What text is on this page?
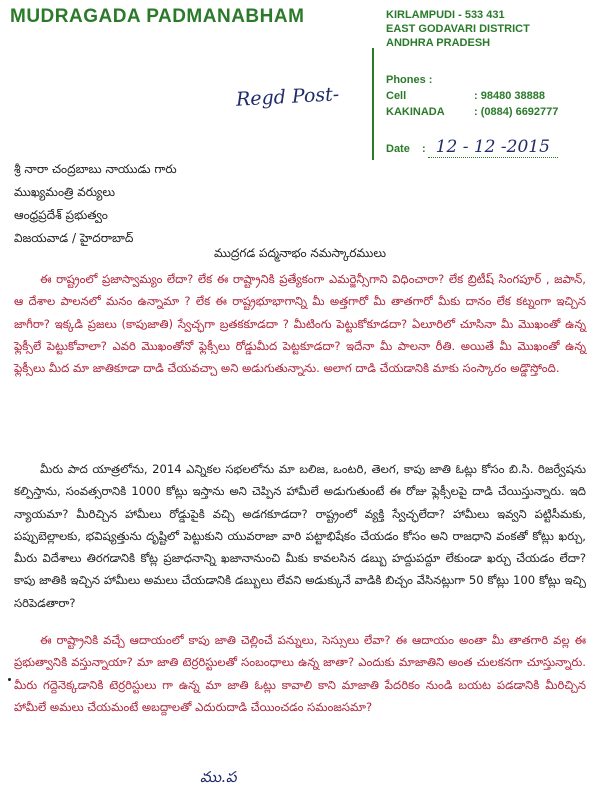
MUDRAGADA PADMANABHAM	KIRLAMPUDI - 533 431
EAST GODAVARI DISTRICT
ANDHRA PRADESH
Phones :
Cell	: 98480 38888
KAKINADA	: (0884) 6692777
Date	: 12 - 12 -2015
Regd Post-
శ్రీ నారా చంద్రబాబు నాయుడు గారు
ముఖ్యమంత్రి వర్యులు
ఆంధ్రప్రదేశ్ ప్రభుత్వం
విజయవాడ / హైదరాబాద్
ముద్రగడ పద్మనాభం నమస్కారములు
ఈ రాష్ట్రంలో ప్రజాస్వామ్యం లేదా? లేక ఈ రాష్ట్రానికి ప్రత్యేకంగా ఎమర్జెన్సీగాని విధించారా? లేక బ్రిటీష్ సింగపూర్ , జపాన్, ఆ దేశాల పాలనలో మనం ఉన్నామా ? లేక ఈ రాష్ట్రభూభాగాన్ని మీ అత్తగారో మీ తాతగారో మీకు దానం లేక కట్నంగా ఇచ్చిన జాగీరా? ఇక్కడి ప్రజలు (కాపుజాతి) స్వేచ్ఛగా బ్రతకకూడదా ? మీటింగు పెట్టుకోకూడదా? ఏలూరిలో చూసినా మీ మొఖంతో ఉన్న ఫ్లెక్సీలే పెట్టుకోవాలా? ఎవరి మొఖంతోనో ఫ్లెక్సీలు రోడ్డుమీద పెట్టకూడదా? ఇదేనా మీ పాలనా రీతి. అయితే మీ మొఖంతో ఉన్న ఫ్లెక్సీలు మీద మా జాతికూడా దాడి చేయవచ్చా అని అడుగుతున్నాను. అలాగ దాడి చేయడానికి మాకు సంస్కారం అడ్డొస్తోంది.
మీరు పాద యాత్రలోను, 2014 ఎన్నికల సభలలోను మా బలిజ, ఒంటరి, తెలగ, కాపు జాతి ఓట్లు కోసం బి.సి. రిజర్వేషను కల్పిస్తాను, సంవత్సరానికి 1000 కోట్లు ఇస్తాను అని చెప్పిన హామీలే అడుగుతుంటే ఈ రోజు ఫ్లెక్సీలపై దాడి చేయిస్తున్నారు. ఇది న్యాయమా? మీరిచ్చిన హామీలు రోడ్డుపైకి వచ్చి అడగకూడదా? రాష్ట్రంలో వ్యక్తి స్వేచ్ఛలేదా? హామీలు ఇవ్వని పట్టిసీమకు, పప్పుబెల్లాలకు, భవిష్యత్తును దృష్టిలో పెట్టుకుని యువరాజా వారి పట్టాభిషేకం చేయడం కోసం అని రాజధాని వంకతో కోట్లు ఖర్చు, మీరు విదేశాలు తిరగడానికి కోట్ల ప్రజాధనాన్ని ఖజానానుంచి మీకు కావలసిన డబ్బు హద్దుపద్దూ లేకుండా ఖర్చు చేయడం లేదా? కాపు జాతికి ఇచ్చిన హామీలు అమలు చేయడానికి డబ్బులు లేవని అడుక్కునే వాడికి బిచ్చం వేసినట్లుగా 50 కోట్లు 100 కోట్లు ఇచ్చి సరిపెడతారా?
ఈ రాష్ట్రానికి వచ్చే ఆదాయంలో కాపు జాతి చెల్లించే పన్నులు, సెస్సులు లేవా? ఈ ఆదాయం అంతా మీ తాతగారి వల్ల ఈ ప్రభుత్వానికి వస్తున్నాయా? మా జాతి టెర్రరిస్టులతో సంబంధాలు ఉన్న జాతా? ఎందుకు మాజాతిని అంత చులకనగా చూస్తున్నారు. మీరు గద్దెనెక్కడానికి టెర్రరిస్టులు గా ఉన్న మా జాతి ఓట్లు కావాలి కాని మాజాతి పేదరికం నుండి బయట పడడానికి మీరిచ్చిన హామీలే అమలు చేయమంటే అబద్దాలతో ఎదురుదాడి చేయించడం సమంజసమా?
ము.ప
